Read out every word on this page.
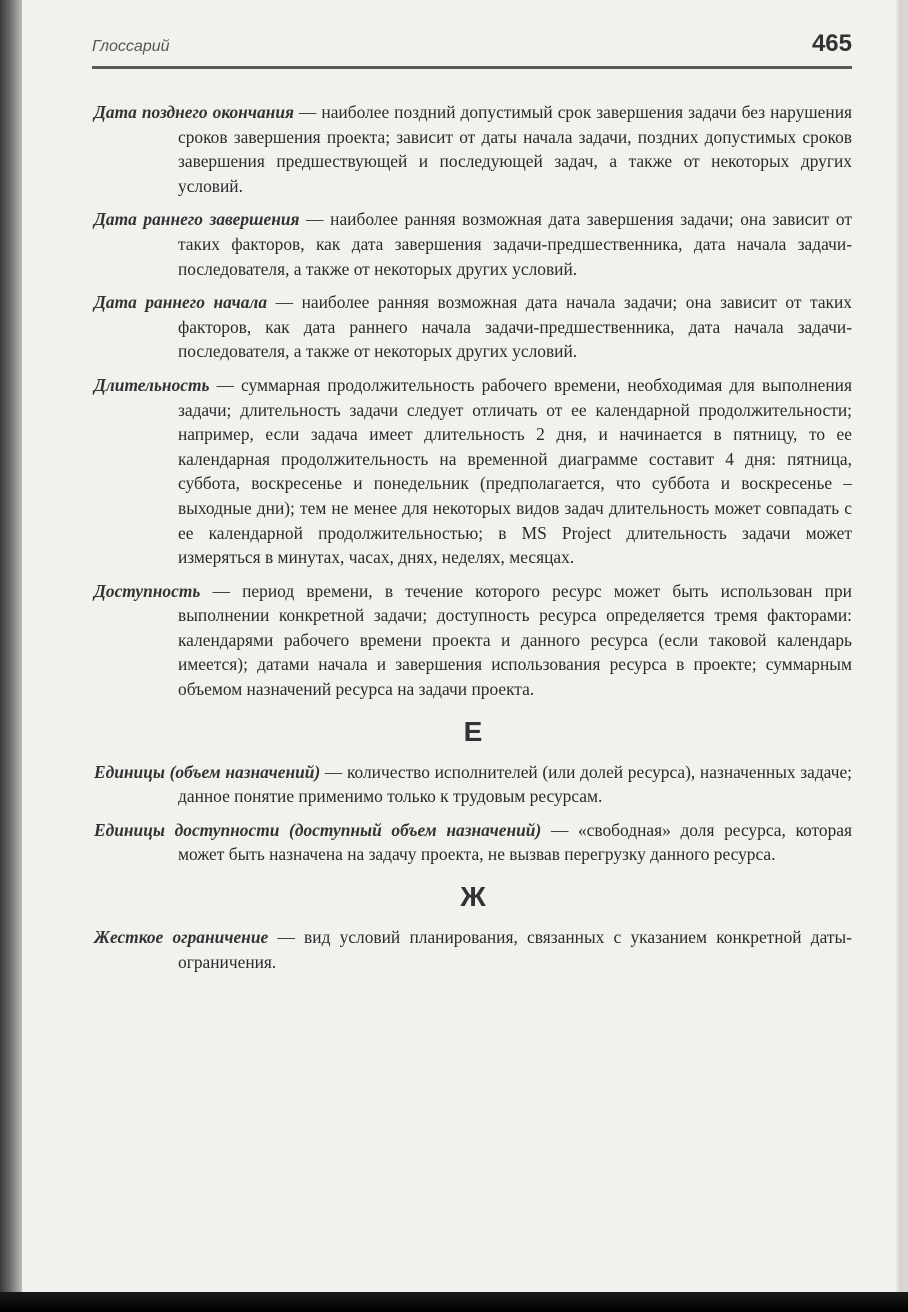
Глоссарий	465

Дата позднего окончания — наиболее поздний допустимый срок завершения задачи без нарушения сроков завершения проекта; зависит от даты начала задачи, поздних допустимых сроков завершения предшествующей и последующей задач, а также от некоторых других условий.

Дата раннего завершения — наиболее ранняя возможная дата завершения задачи; она зависит от таких факторов, как дата завершения задачи-предшественника, дата начала задачи-последователя, а также от некоторых других условий.

Дата раннего начала — наиболее ранняя возможная дата начала задачи; она зависит от таких факторов, как дата раннего начала задачи-предшественника, дата начала задачи-последователя, а также от некоторых других условий.

Длительность — суммарная продолжительность рабочего времени, необходимая для выполнения задачи; длительность задачи следует отличать от ее календарной продолжительности; например, если задача имеет длительность 2 дня, и начинается в пятницу, то ее календарная продолжительность на временной диаграмме составит 4 дня: пятница, суббота, воскресенье и понедельник (предполагается, что суббота и воскресенье – выходные дни); тем не менее для некоторых видов задач длительность может совпадать с ее календарной продолжительностью; в MS Project длительность задачи может измеряться в минутах, часах, днях, неделях, месяцах.

Доступность — период времени, в течение которого ресурс может быть использован при выполнении конкретной задачи; доступность ресурса определяется тремя факторами: календарями рабочего времени проекта и данного ресурса (если таковой календарь имеется); датами начала и завершения использования ресурса в проекте; суммарным объемом назначений ресурса на задачи проекта.

Е

Единицы (объем назначений) — количество исполнителей (или долей ресурса), назначенных задаче; данное понятие применимо только к трудовым ресурсам.

Единицы доступности (доступный объем назначений) — «свободная» доля ресурса, которая может быть назначена на задачу проекта, не вызвав перегрузку данного ресурса.

Ж

Жесткое ограничение — вид условий планирования, связанных с указанием конкретной даты-ограничения.
